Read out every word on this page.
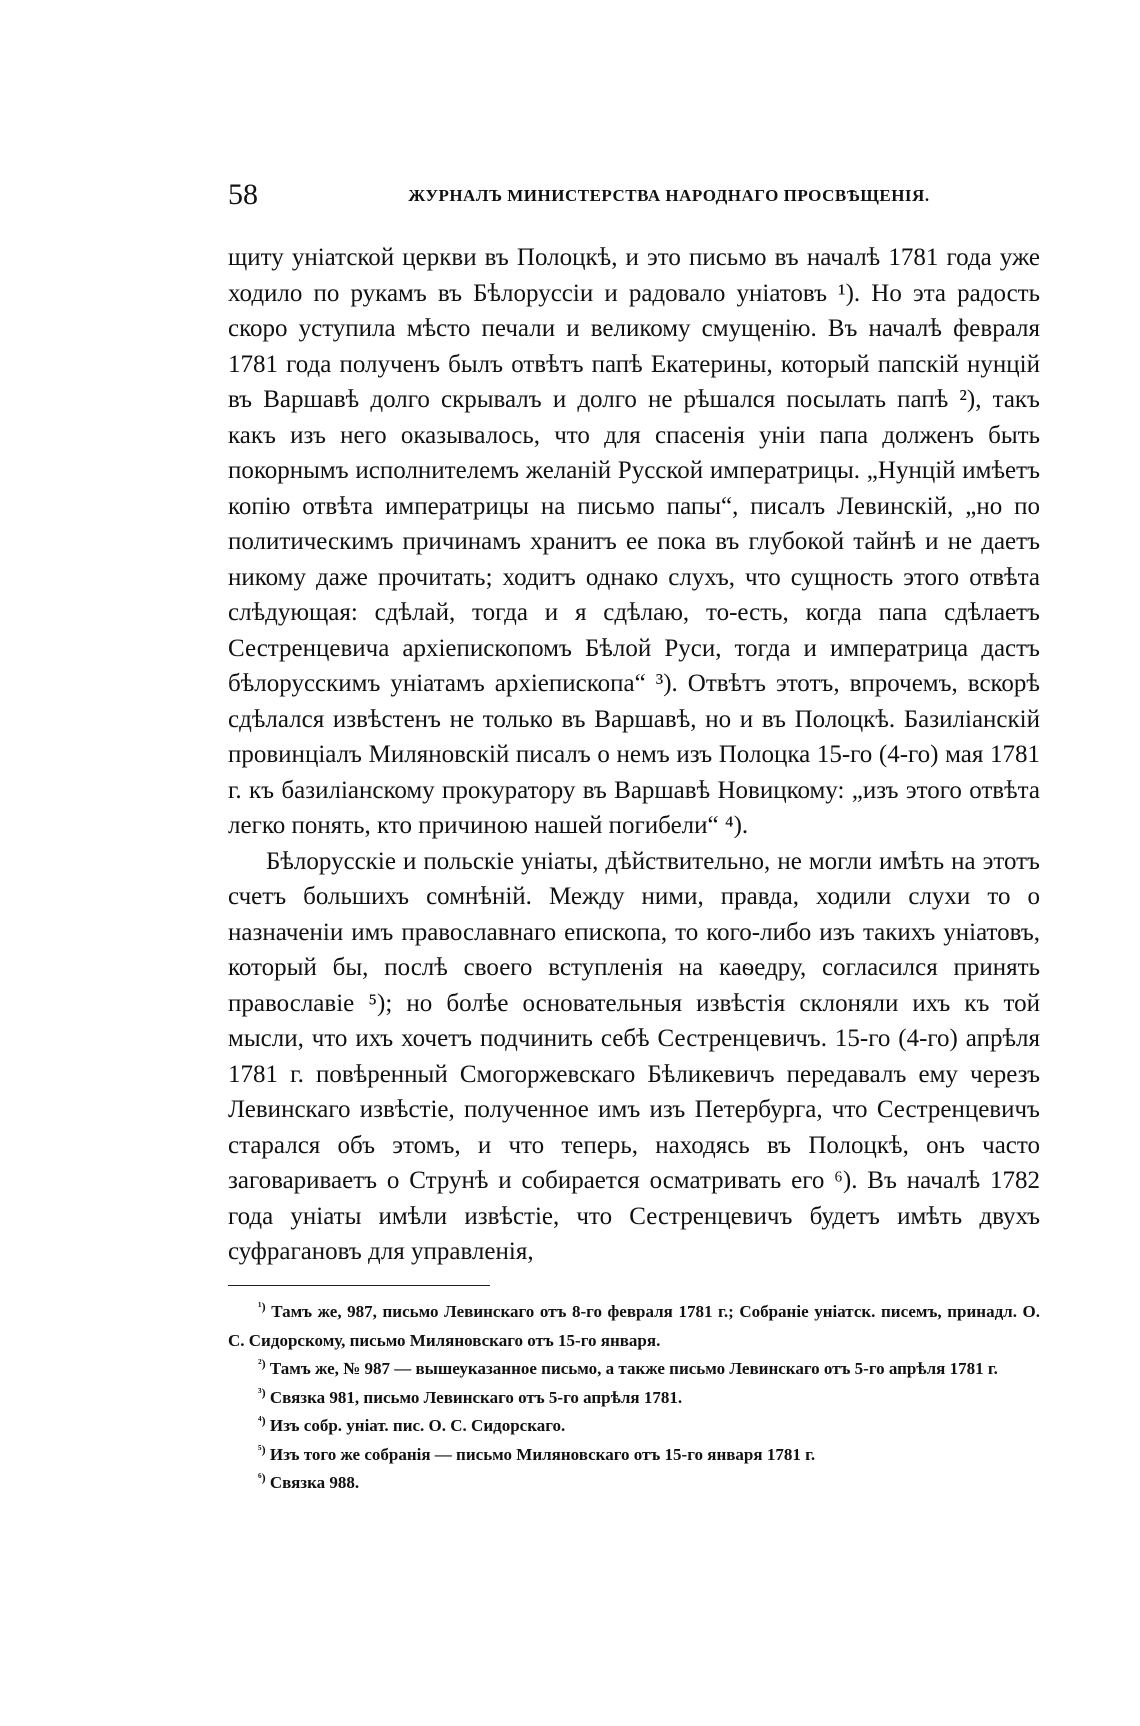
58	ЖУРНАЛЪ МИНИСТЕРСТВА НАРОДНАГО ПРОСВѢЩЕНІЯ.

щиту уніатской церкви въ Полоцкѣ, и это письмо въ началѣ 1781 года уже ходило по рукамъ въ Бѣлоруссіи и радовало уніатовъ ¹). Но эта радость скоро уступила мѣсто печали и великому смущенію. Въ началѣ февраля 1781 года полученъ былъ отвѣтъ папѣ Екатерины, который папскій нунцій въ Варшавѣ долго скрывалъ и долго не рѣшался посылать папѣ ²), такъ какъ изъ него оказывалось, что для спасенія уніи папа долженъ быть покорнымъ исполнителемъ желаній Русской императрицы. „Нунцій имѣетъ копію отвѣта императрицы на письмо папы“, писалъ Левинскій, „но по политическимъ причинамъ хранитъ ее пока въ глубокой тайнѣ и не даетъ никому даже прочитать; ходитъ однако слухъ, что сущность этого отвѣта слѣдующая: сдѣлай, тогда и я сдѣлаю, то-есть, когда папа сдѣлаетъ Сестренцевича архіепископомъ Бѣлой Руси, тогда и императрица дастъ бѣлорусскимъ уніатамъ архіепископа“ ³). Отвѣтъ этотъ, впрочемъ, вскорѣ сдѣлался извѣстенъ не только въ Варшавѣ, но и въ Полоцкѣ. Базиліанскій провинціалъ Миляновскій писалъ о немъ изъ Полоцка 15-го (4-го) мая 1781 г. къ базиліанскому прокуратору въ Варшавѣ Новицкому: „изъ этого отвѣта легко понять, кто причиною нашей погибели“ ⁴).

Бѣлорусскіе и польскіе уніаты, дѣйствительно, не могли имѣть на этотъ счетъ большихъ сомнѣній. Между ними, правда, ходили слухи то о назначеніи имъ православнаго епископа, то кого-либо изъ такихъ уніатовъ, который бы, послѣ своего вступленія на каѳедру, согласился принять православіе ⁵); но болѣе основательныя извѣстія склоняли ихъ къ той мысли, что ихъ хочетъ подчинить себѣ Сестренцевичъ. 15-го (4-го) апрѣля 1781 г. повѣренный Смогоржевскаго Бѣликевичъ передавалъ ему черезъ Левинскаго извѣстіе, полученное имъ изъ Петербурга, что Сестренцевичъ старался объ этомъ, и что теперь, находясь въ Полоцкѣ, онъ часто заговариваетъ о Струнѣ и собирается осматривать его ⁶). Въ началѣ 1782 года уніаты имѣли извѣстіе, что Сестренцевичъ будетъ имѣть двухъ суфрагановъ для управленія,

$^{^1)}$ Тамъ же, 987, письмо Левинскаго отъ 8-го февраля 1781 г.; Собраніе уніатск. писемъ, принадл. О. С. Сидорскому, письмо Миляновскаго отъ 15-го января.

$^{^2)}$ Тамъ же, № 987 — вышеуказанное письмо, а также письмо Левинскаго отъ 5-го апрѣля 1781 г.

$^{^3)}$ Связка 981, письмо Левинскаго отъ 5-го апрѣля 1781.

$^{^4)}$ Изъ собр. уніат. пис. О. С. Сидорскаго.

$^{^5)}$ Изъ того же собранія — письмо Миляновскаго отъ 15-го января 1781 г.

$^{^6)}$ Связка 988.
